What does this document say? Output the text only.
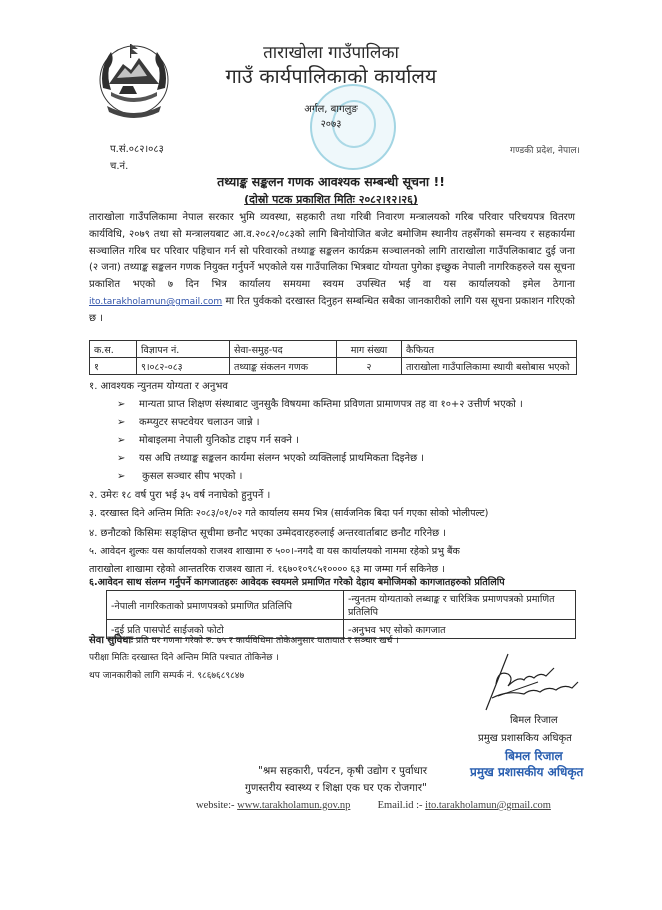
ताराखोला गाउँपालिका
गाउँ कार्यपालिकाको कार्यालय
अर्गल, बागलुङ
२०७३
प.सं.०८२।०८३
च.नं.
गण्डकी प्रदेश, नेपाल।
तथ्याङ्क सङ्कलन गणक आवश्यक सम्बन्धी सूचना !!
(दोस्रो पटक प्रकाशित मितिः २०८२।१२।२६)
ताराखोला गाउँपलिकामा नेपाल सरकार भुमि व्यवस्था, सहकारी तथा गरिबी निवारण मन्त्रालयको गरिब परिवार परिचयपत्र वितरण कार्यविधि, २०७९ तथा सो मन्त्रालयबाट आ.व.२०८२/०८३को लागि बिनोयोजित बजेट बमोजिम स्थानीय तहसँगको समन्वय र सहकार्यमा सञ्चालित गरिब घर परिवार पहिचान गर्न सो परिवारको तथ्याङ्क सङ्कलन कार्यक्रम सञ्चालनको लागि ताराखोला गाउँपलिकाबाट दुई जना (२ जना) तथ्याङ्क सङ्कलन गणक नियुक्त गर्नुपर्ने भएकोले यस गाउँपालिका भित्रबाट योग्यता पुगेका इच्छुक नेपाली नागरिकहरुले यस सूचना प्रकाशित भएको ७ दिन भित्र कार्यालय समयमा स्वयम उपस्थित भई वा यस कार्यालयको इमेल ठेगाना ito.tarakholamun@gmail.com मा रित पुर्वकको दरखास्त दिनुहन सम्बन्धित सबैका जानकारीको लागि यस सूचना प्रकाशन गरिएको छ ।
क.स.	विज्ञापन नं.	सेवा-समुह-पद	माग संख्या	कैफियत
१	९।०८२-०८३	तथ्याङ्क संकलन गणक	२	ताराखोला गाउँपालिकामा स्थायी बसोबास भएको
१. आवश्यक न्युनतम योग्यता र अनुभव
➢ मान्यता प्राप्त शिक्षण संस्थाबाट जुनसुकै विषयमा कम्तिमा प्रविणता प्रामाणपत्र तह वा १०+२ उत्तीर्ण भएको ।
➢ कम्प्युटर सफ्टवेयर चलाउन जान्ने ।
➢ मोबाइलमा नेपाली युनिकोड टाइप गर्न सक्ने ।
➢ यस अघि तथ्याङ्क सङ्कलन कार्यमा संलग्न भएको व्यक्तिलाई प्राथमिकता दिइनेछ ।
➢ कुसल सञ्चार सीप भएको ।
२. उमेरः १८ वर्ष पुरा भई ३५ वर्ष ननाघेको हुनुपर्ने ।
३. दरखास्त दिने अन्तिम मितिः २०८३/०१/०२ गते कार्यालय समय भित्र (सार्वजनिक बिदा पर्न गएका सोको भोलीपल्ट)
४. छनौटको किसिमः सङ्क्षिप्त सूचीमा छनौट भएका उम्मेदवारहरुलाई अन्तरवार्ताबाट छनौट गरिनेछ ।
५. आवेदन शुल्कः यस कार्यालयको राजश्व शाखामा रु ५००।-नगदै वा यस कार्यालयको नाममा रहेको प्रभु बैंक
ताराखोला शाखामा रहेको आन्ततरिक राजश्व खाता नं. १६७०१०९८५१०००० ६३ मा जम्मा गर्न सकिनेछ ।
६.आवेदन साथ संलग्न गर्नुपर्ने कागजातहरुः आवेदक स्वयमले प्रमाणित गरेको देहाय बमोजिमको कागजातहरुको प्रतिलिपि
-नेपाली नागरिकताको प्रमाणपत्रको प्रमाणित प्रतिलिपि	-न्युनतम योग्यताको लब्धाङ्क र चारित्रिक प्रमाणपत्रको प्रमाणित प्रतिलिपि
-दुई प्रति पासपोर्ट साईजको फोटो	-अनुभव भए सोको कागजात
सेवा सुविधाः प्रति घर गणना गरेको रु. ७५ र कार्यविधिमा तोकेअनुसार यातायात र सञ्चार खर्च ।
परीक्षा मितिः दरखास्त दिने अन्तिम मिति पश्चात तोकिनेछ ।
थप जानकारीको लागि सम्पर्क नं. ९८६७६८९८४७
बिमल रिजाल
प्रमुख प्रशासकिय अधिकृत
बिमल रिजाल
"श्रम सहकारी, पर्यटन, कृषी उद्योग र पुर्वाधार	प्रमुख प्रशासकीय अधिकृत
गुणस्तरीय स्वास्थ्य र शिक्षा एक घर एक रोजगार"
website:- www.tarakholamun.gov.np	Email.id :- ito.tarakholamun@gmail.com
